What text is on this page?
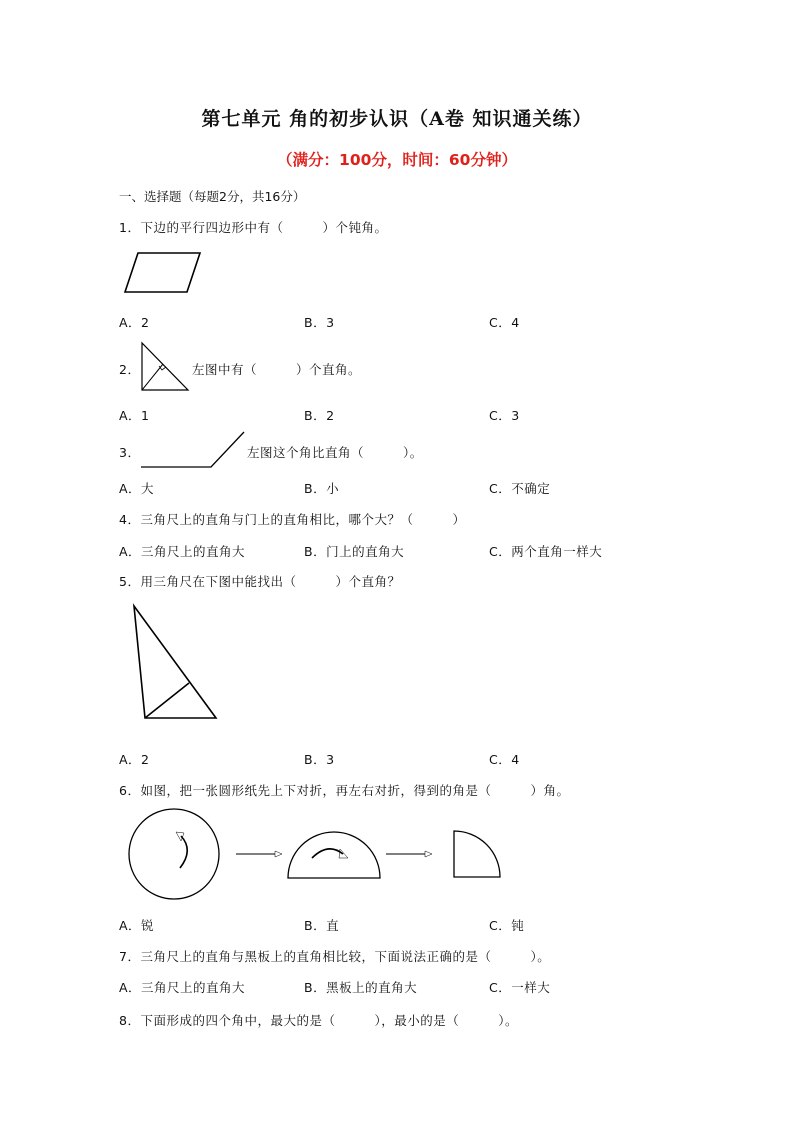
第七单元 角的初步认识（A卷 知识通关练）
（满分：100分，时间：60分钟）
一、选择题（每题2分，共16分）
1．下边的平行四边形中有（　　　）个钝角。
A．2	B．3	C．4
2．	左图中有（　　　）个直角。
A．1	B．2	C．3
3．	左图这个角比直角（　　　）。
A．大	B．小	C．不确定
4．三角尺上的直角与门上的直角相比，哪个大？（　　　）
A．三角尺上的直角大	B．门上的直角大	C．两个直角一样大
5．用三角尺在下图中能找出（　　　）个直角？
A．2	B．3	C．4
6．如图，把一张圆形纸先上下对折，再左右对折，得到的角是（　　　）角。
A．锐	B．直	C．钝
7．三角尺上的直角与黑板上的直角相比较，下面说法正确的是（　　　）。
A．三角尺上的直角大	B．黑板上的直角大	C．一样大
8．下面形成的四个角中，最大的是（　　　），最小的是（　　　）。
